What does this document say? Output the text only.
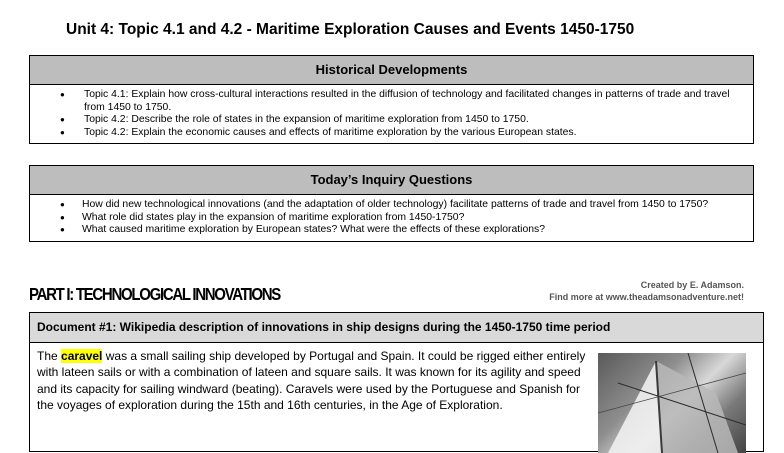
Unit 4: Topic 4.1 and 4.2 - Maritime Exploration Causes and Events 1450-1750
Historical Developments
● Topic 4.1: Explain how cross-cultural interactions resulted in the diffusion of technology and facilitated changes in patterns of trade and travel from 1450 to 1750.
● Topic 4.2: Describe the role of states in the expansion of maritime exploration from 1450 to 1750.
● Topic 4.2: Explain the economic causes and effects of maritime exploration by the various European states.
Today’s Inquiry Questions
● How did new technological innovations (and the adaptation of older technology) facilitate patterns of trade and travel from 1450 to 1750?
● What role did states play in the expansion of maritime exploration from 1450-1750?
● What caused maritime exploration by European states? What were the effects of these explorations?
PART I: TECHNOLOGICAL INNOVATIONS	Created by E. Adamson.
Find more at www.theadamsonadventure.net!
Document #1: Wikipedia description of innovations in ship designs during the 1450-1750 time period
The caravel was a small sailing ship developed by Portugal and Spain. It could be rigged either entirely with lateen sails or with a combination of lateen and square sails. It was known for its agility and speed and its capacity for sailing windward (beating). Caravels were used by the Portuguese and Spanish for the voyages of exploration during the 15th and 16th centuries, in the Age of Exploration.
